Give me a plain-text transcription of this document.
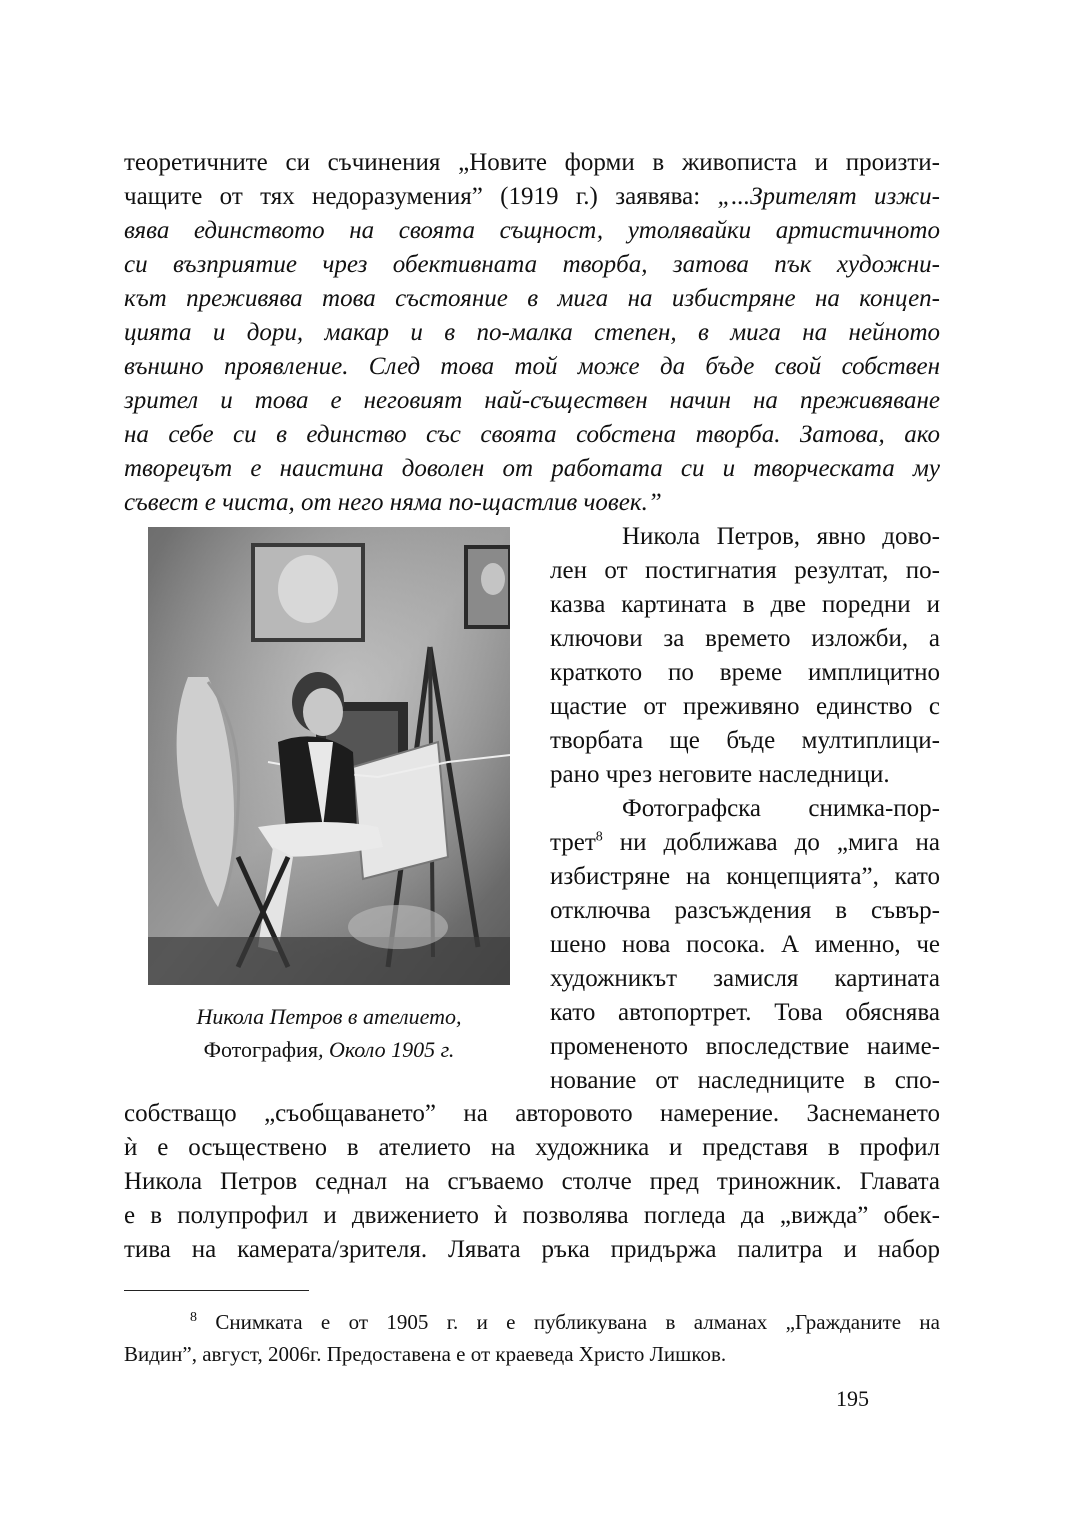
теоретичните си съчинения „Новите форми в живописта и произти-
чащите от тях недоразумения” (1919 г.) заявява: „...Зрителят изжи-
вява единството на своята същност, утолявайки артистичното
си възприятие чрез обективната творба, затова пък художни-
кът преживява това състояние в мига на избистряне на концеп-
цията и дори, макар и в по-малка степен, в мига на нейното
външно проявление. След това той може да бъде свой собствен
зрител и това е неговият най-съществен начин на преживяване
на себе си в единство със своята собстена творба. Затова, ако
творецът е наистина доволен от работата си и творческата му
съвест е чиста, от него няма по-щастлив човек.”
Никола Петров в ателието,
Фотография, Около 1905 г.
Никола Петров, явно дово-
лен от постигнатия резултат, по-
казва картината в две поредни и
ключови за времето изложби, а
краткото по време имплицитно
щастие от преживяно единство с
творбата ще бъде мултиплици-
рано чрез неговите наследници.
Фотографска снимка-пор-
трет$^8$ ни доближава до „мига на
избистряне на концепцията”, като
отключва разсъждения в съвър-
шено нова посока. А именно, че
художникът замисля картината
като автопортрет. Това обяснява
промененото впоследствие наиме-
нование от наследниците в спо-
собстващо „съобщаването” на авторовото намерение. Заснемането
ѝ е осъществено в ателието на художника и представя в профил
Никола Петров седнал на сгъваемо столче пред триножник. Главата
е в полупрофил и движението ѝ позволява погледа да „вижда” обек-
тива на камерата/зрителя. Лявата ръка придържа палитра и набор
$^8$ Снимката е от 1905 г. и е публикувана в алманах „Гражданите на
Видин”, август, 2006г. Предоставена е от краеведа Христо Лишков.
195
